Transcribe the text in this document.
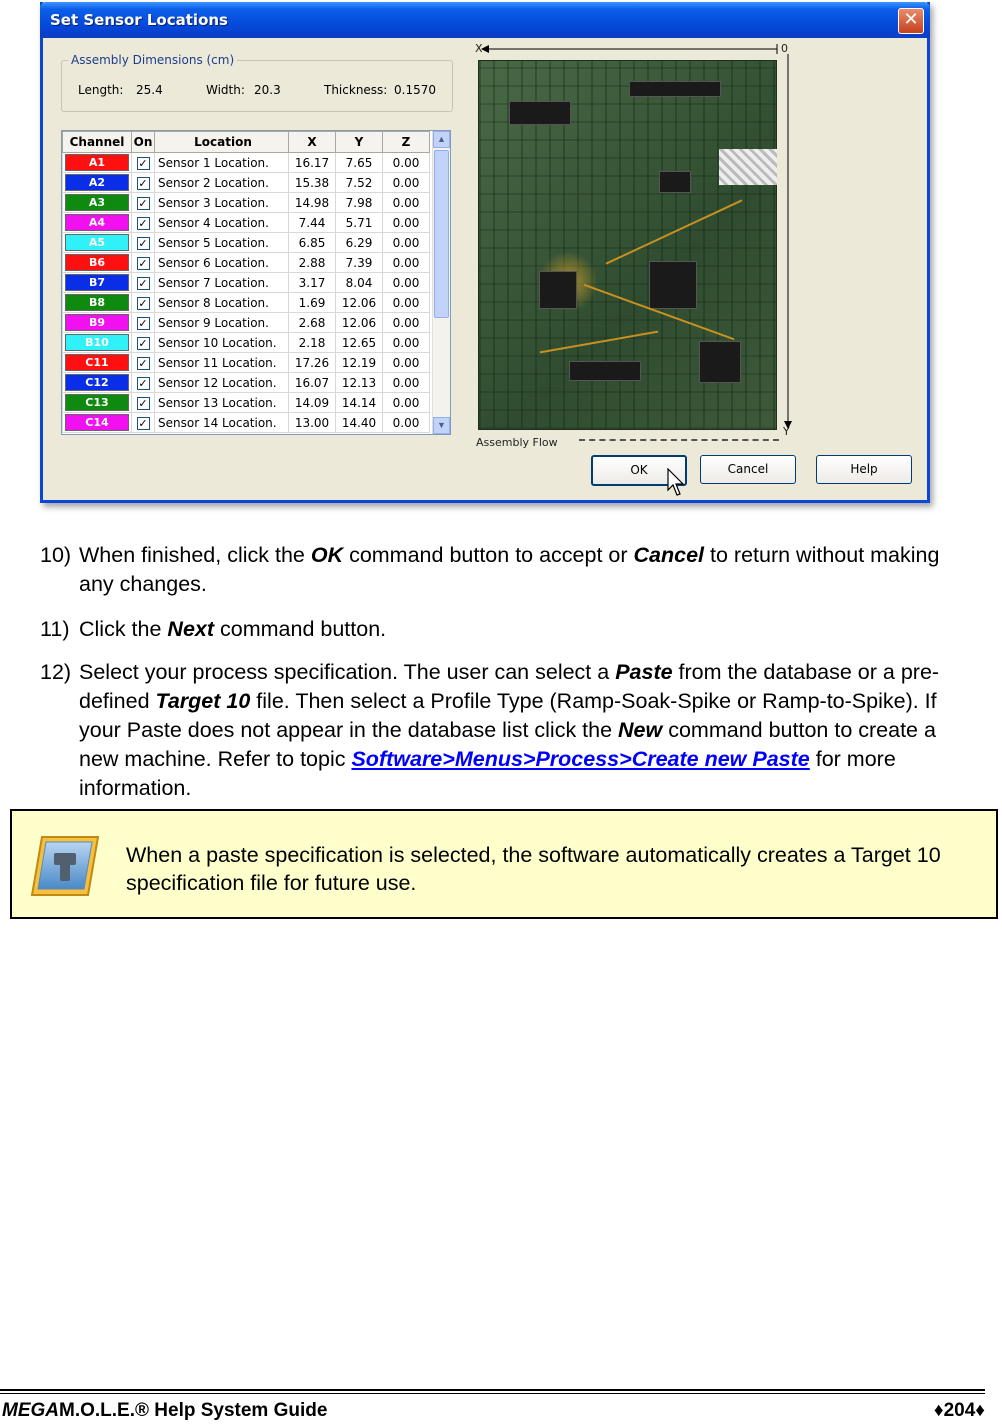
Set Sensor Locations	✕
Assembly Dimensions (cm)
Length: 25.4	Width: 20.3	Thickness: 0.1570
Channel	On	Location	X	Y	Z

A1	✓	Sensor 1 Location.	16.17	7.65	0.00

A2	✓	Sensor 2 Location.	15.38	7.52	0.00

A3	✓	Sensor 3 Location.	14.98	7.98	0.00

A4	✓	Sensor 4 Location.	7.44	5.71	0.00

A5	✓	Sensor 5 Location.	6.85	6.29	0.00

B6	✓	Sensor 6 Location.	2.88	7.39	0.00

B7	✓	Sensor 7 Location.	3.17	8.04	0.00

B8	✓	Sensor 8 Location.	1.69	12.06	0.00

B9	✓	Sensor 9 Location.	2.68	12.06	0.00

B10	✓	Sensor 10 Location.	2.18	12.65	0.00

C11	✓	Sensor 11 Location.	17.26	12.19	0.00

C12	✓	Sensor 12 Location.	16.07	12.13	0.00

C13	✓	Sensor 13 Location.	14.09	14.14	0.00

C14	✓	Sensor 14 Location.	13.00	14.40	0.00
▲
▼
X	0
Y
Assembly Flow
OK	Cancel	Help
10) When finished, click the OK command button to accept or Cancel to return without making any changes.
11) Click the Next command button.
12) Select your process specification. The user can select a Paste from the database or a pre-defined Target 10 file. Then select a Profile Type (Ramp-Soak-Spike or Ramp-to-Spike). If your Paste does not appear in the database list click the New command button to create a new machine. Refer to topic Software>Menus>Process>Create new Paste for more information.
When a paste specification is selected, the software automatically creates a Target 10 specification file for future use.
MEGAM.O.L.E.® Help System Guide	♦204♦
